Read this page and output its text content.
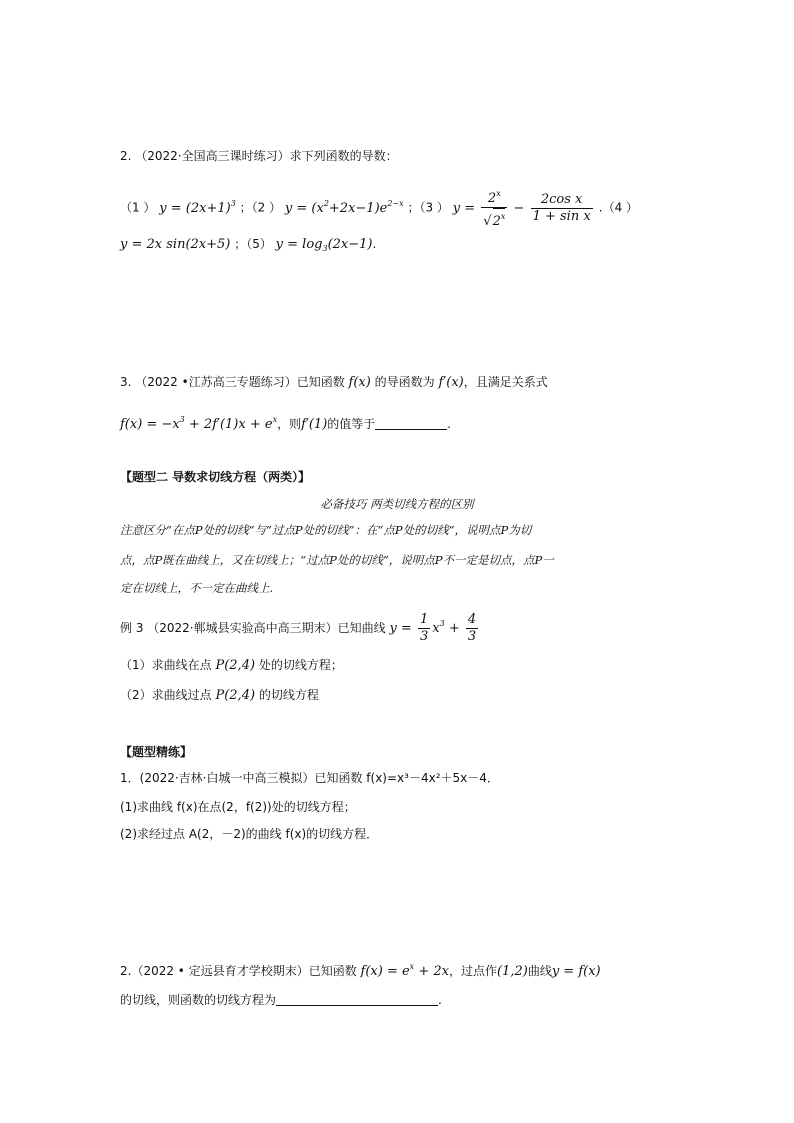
2. （2022·全国高三课时练习）求下列函数的导数：
（1 ） $y = (2x+1)^3$ ；（2 ） $y = (x^2+2x-1)e^{2-x}$ ；（3 ） $y = \frac{2^x}{√2^x} - \frac{\text{2cos x}}{\text{1 + sin x}} .(4$ ）
y = 2x sin(2x+5) ；（5） $y = \log_3(2x-1)$.
3. （2022 •江苏高三专题练习）已知函数 f(x) 的导函数为 f′(x)，且满足关系式
$f(x) = -x^3 + 2f'(1)x + e^x$，则f′(1)的值等于	.
【题型二 导数求切线方程（两类）】
必备技巧 两类切线方程的区别
注意区分“在点P处的切线”与“过点P处的切线”：在“点P处的切线”，说明点P为切
点，点P既在曲线上，又在切线上；“过点P处的切线”，说明点P不一定是切点，点P一
定在切线上，不一定在曲线上.
例 3 （2022·郸城县实验高中高三期末）已知曲线 $y = \frac{1}{3} x^3 + \frac{4}{3}$
（1）求曲线在点 P(2,4) 处的切线方程；
（2）求曲线过点 P(2,4) 的切线方程
【题型精练】
1．(2022·吉林·白城一中高三模拟）已知函数 f(x)=x³－4x²＋5x－4．
(1)求曲线 f(x)在点(2，f(2))处的切线方程；
(2)求经过点 A(2，－2)的曲线 f(x)的切线方程．
2.（2022 • 定远县育才学校期末）已知函数 $f(x) = e^x + 2x$，过点作(1,2)曲线y = f(x)
的切线，则函数的切线方程为	.
